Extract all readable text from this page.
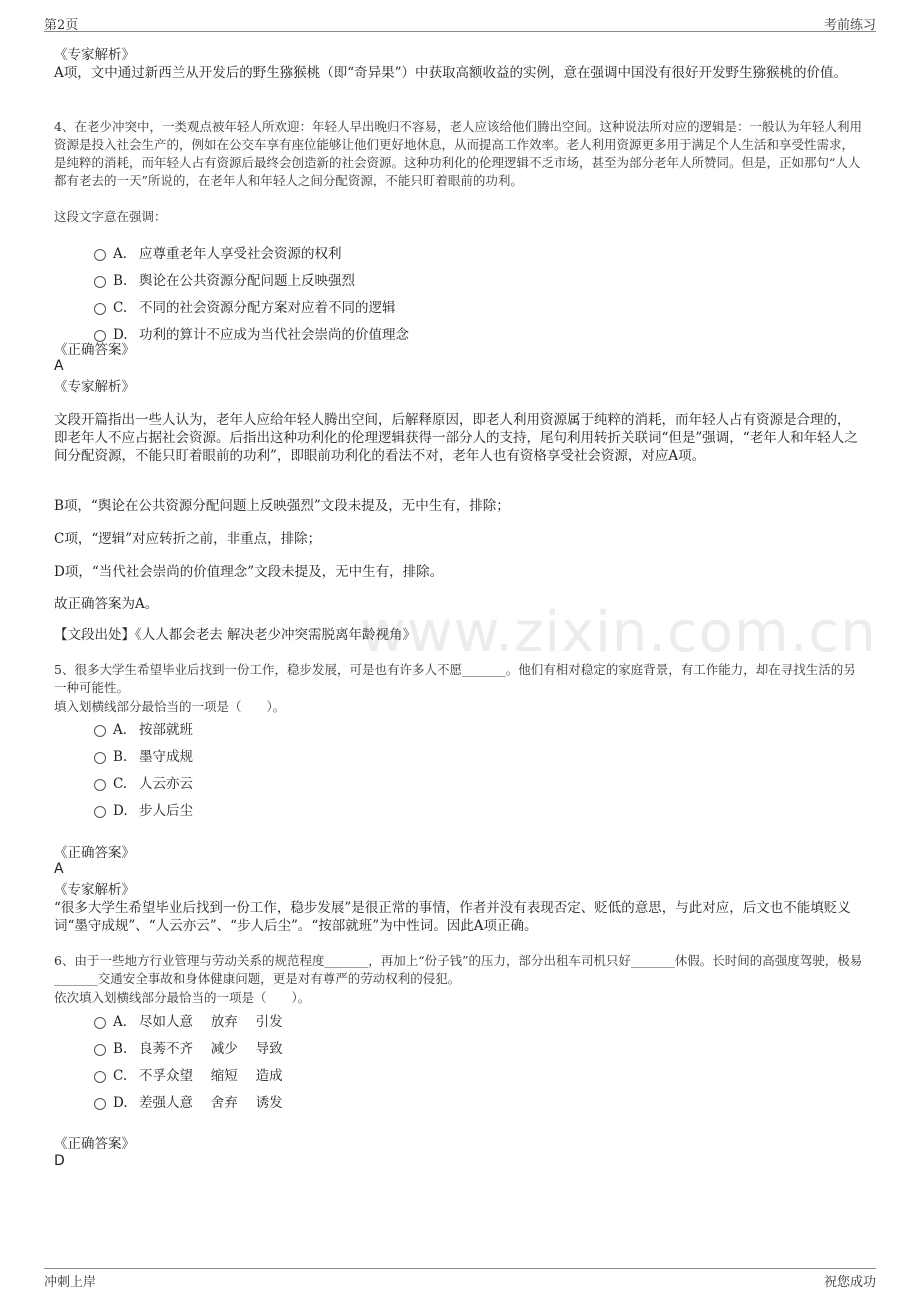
第2页	考前练习
www.zixin.com.cn
《专家解析》
A项，文中通过新西兰从开发后的野生猕猴桃（即“奇异果”）中获取高额收益的实例，意在强调中国没有很好开发野生猕猴桃的价值。
4、在老少冲突中，一类观点被年轻人所欢迎：年轻人早出晚归不容易，老人应该给他们腾出空间。这种说法所对应的逻辑是：一般认为年轻人利用资源是投入社会生产的，例如在公交车享有座位能够让他们更好地休息，从而提高工作效率。老人利用资源更多用于满足个人生活和享受性需求，是纯粹的消耗，而年轻人占有资源后最终会创造新的社会资源。这种功利化的伦理逻辑不乏市场，甚至为部分老年人所赞同。但是，正如那句“人人都有老去的一天”所说的，在老年人和年轻人之间分配资源，不能只盯着眼前的功利。
这段文字意在强调：
A． 应尊重老年人享受社会资源的权利
B. 舆论在公共资源分配问题上反映强烈
C. 不同的社会资源分配方案对应着不同的逻辑
D. 功利的算计不应成为当代社会崇尚的价值理念
《正确答案》
A
《专家解析》
文段开篇指出一些人认为，老年人应给年轻人腾出空间，后解释原因，即老人利用资源属于纯粹的消耗，而年轻人占有资源是合理的，即老年人不应占据社会资源。后指出这种功利化的伦理逻辑获得一部分人的支持，尾句利用转折关联词“但是”强调，“老年人和年轻人之间分配资源，不能只盯着眼前的功利”，即眼前功利化的看法不对，老年人也有资格享受社会资源，对应A项。
B项，“舆论在公共资源分配问题上反映强烈”文段未提及，无中生有，排除；
C项，“逻辑”对应转折之前，非重点，排除；
D项，“当代社会崇尚的价值理念”文段未提及，无中生有，排除。
故正确答案为A。
【文段出处】《人人都会老去 解决老少冲突需脱离年龄视角》
5、很多大学生希望毕业后找到一份工作，稳步发展，可是也有许多人不愿_______。他们有相对稳定的家庭背景，有工作能力，却在寻找生活的另一种可能性。
填入划横线部分最恰当的一项是（　　）。
A． 按部就班
B. 墨守成规
C. 人云亦云
D. 步人后尘
《正确答案》
A
《专家解析》
“很多大学生希望毕业后找到一份工作，稳步发展”是很正常的事情，作者并没有表现否定、贬低的意思，与此对应，后文也不能填贬义词“墨守成规”、“人云亦云”、“步人后尘”。“按部就班”为中性词。因此A项正确。
6、由于一些地方行业管理与劳动关系的规范程度_______，再加上“份子钱”的压力，部分出租车司机只好_______休假。长时间的高强度驾驶，极易_______交通安全事故和身体健康问题，更是对有尊严的劳动权利的侵犯。
依次填入划横线部分最恰当的一项是（　　）。
A． 尽如人意　 放弃　 引发
B. 良莠不齐　 减少　 导致
C. 不孚众望　 缩短　 造成
D. 差强人意　 舍弃　 诱发
《正确答案》
D
冲刺上岸	祝您成功
